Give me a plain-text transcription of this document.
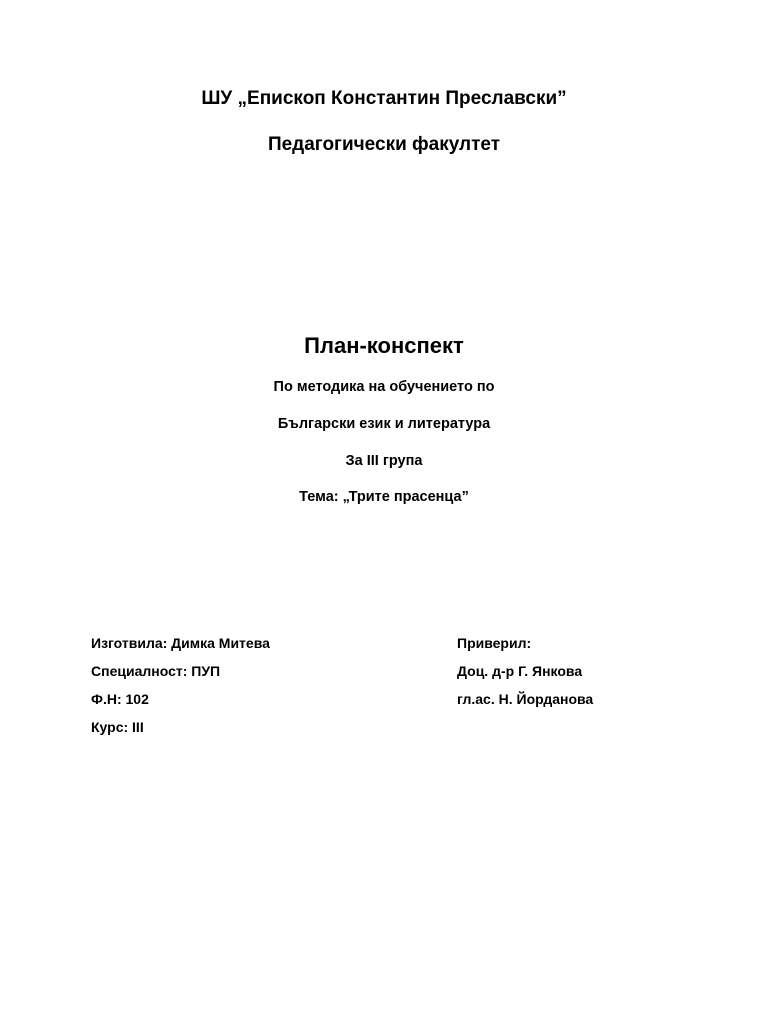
ШУ „Епископ Константин Преславски”
Педагогически факултет
План-конспект
По методика на обучението по
Български език и литература
За III група
Тема: „Трите прасенца”
Изготвила: Димка Митева
Специалност: ПУП
Ф.Н: 102
Курс: III
Приверил:
Доц. д-р Г. Янкова
гл.ас. Н. Йорданова
